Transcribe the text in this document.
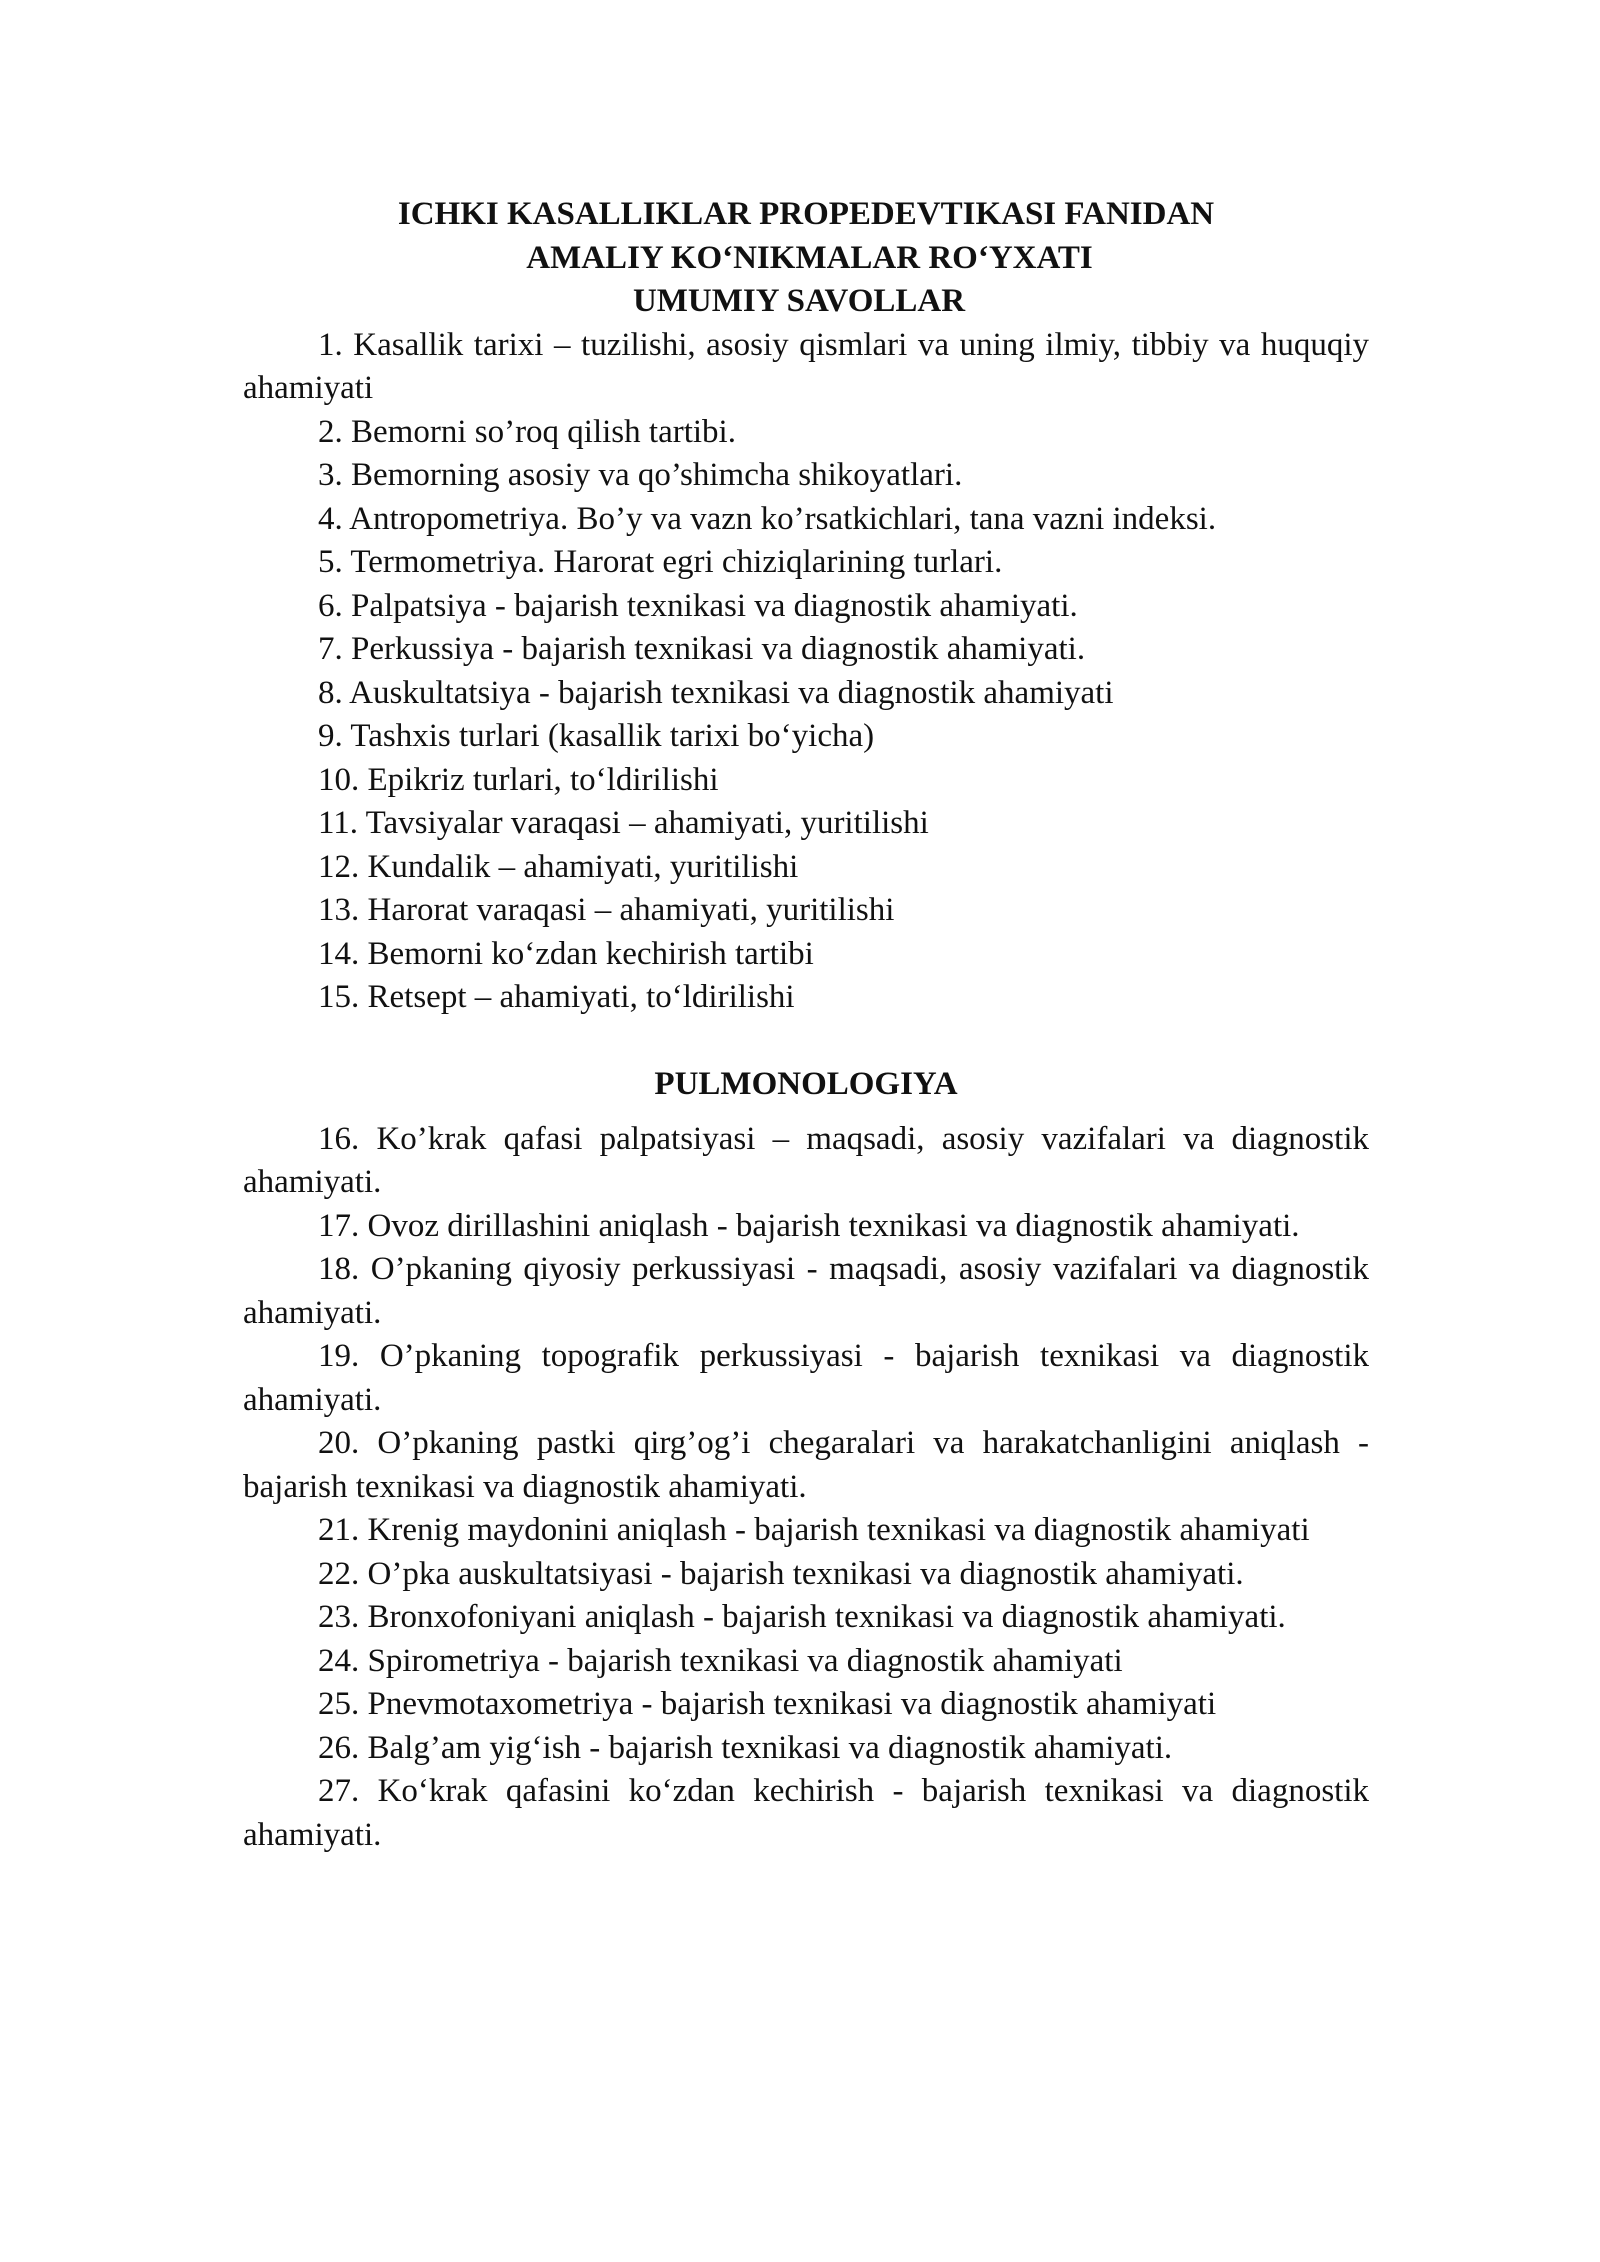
ICHKI KASALLIKLAR PROPEDEVTIKASI FANIDAN

AMALIY KO‘NIKMALAR RO‘YXATI

UMUMIY SAVOLLAR

1. Kasallik tarixi – tuzilishi, asosiy qismlari va uning ilmiy, tibbiy va huquqiy ahamiyati

2. Bemorni so’roq qilish tartibi.

3. Bemorning asosiy va qo’shimcha shikoyatlari.

4. Antropometriya. Bo’y va vazn ko’rsatkichlari, tana vazni indeksi.

5. Termometriya. Harorat egri chiziqlarining turlari.

6. Palpatsiya - bajarish texnikasi va diagnostik ahamiyati.

7. Perkussiya - bajarish texnikasi va diagnostik ahamiyati.

8. Auskultatsiya - bajarish texnikasi va diagnostik ahamiyati

9. Tashxis turlari (kasallik tarixi bo‘yicha)

10. Epikriz turlari, to‘ldirilishi

11. Tavsiyalar varaqasi – ahamiyati, yuritilishi

12. Kundalik – ahamiyati, yuritilishi

13. Harorat varaqasi – ahamiyati, yuritilishi

14. Bemorni ko‘zdan kechirish tartibi

15. Retsept – ahamiyati, to‘ldirilishi

PULMONOLOGIYA

16. Ko’krak qafasi palpatsiyasi – maqsadi, asosiy vazifalari va diagnostik ahamiyati.

17. Ovoz dirillashini aniqlash - bajarish texnikasi va diagnostik ahamiyati.

18. O’pkaning qiyosiy perkussiyasi - maqsadi, asosiy vazifalari va diagnostik ahamiyati.

19. O’pkaning topografik perkussiyasi - bajarish texnikasi va diagnostik ahamiyati.

20. O’pkaning pastki qirg’og’i chegaralari va harakatchanligini aniqlash - bajarish texnikasi va diagnostik ahamiyati.

21. Krenig maydonini aniqlash - bajarish texnikasi va diagnostik ahamiyati

22. O’pka auskultatsiyasi - bajarish texnikasi va diagnostik ahamiyati.

23. Bronxofoniyani aniqlash - bajarish texnikasi va diagnostik ahamiyati.

24. Spirometriya - bajarish texnikasi va diagnostik ahamiyati

25. Pnevmotaxometriya - bajarish texnikasi va diagnostik ahamiyati

26. Balg’am yig‘ish - bajarish texnikasi va diagnostik ahamiyati.

27. Ko‘krak qafasini ko‘zdan kechirish - bajarish texnikasi va diagnostik ahamiyati.
